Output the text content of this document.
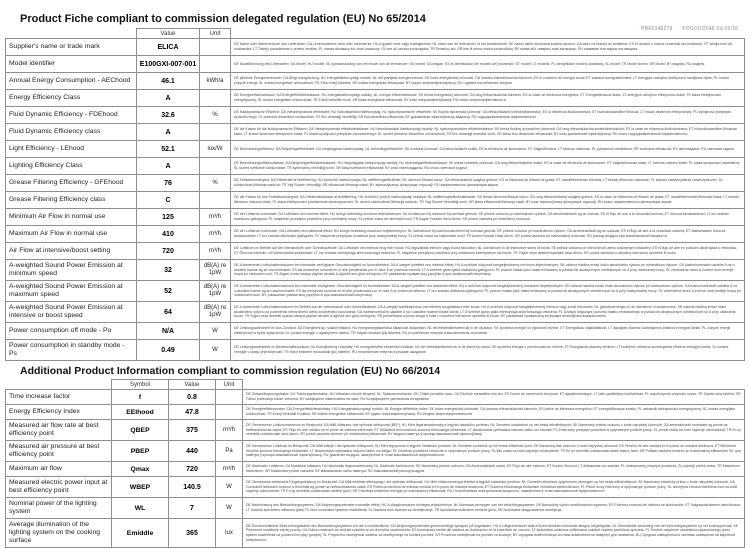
PRF0146279 FOG0102648 Ed 05/18
Product Fiche compliant to commission delegated regulation (EU) No 65/2014
	Value	Unit	
Supplier's name or trade mark	ELICA		DE Name oder Warenzeichen des Lieferanten; DA Leverandørens navn eller varemærke; HU a gyártó neve vagy márkajelzése; NL naam van de leverancier of het handelsmerk; SK názov alebo obchodná značka výrobcu; GA ainm nó branda an tsoláthraí; ES el nombre o marca comercial del proveedor; ET tarnija nimi või kaubamärk; LT Tiekėjo pavadinimas ir prekės ženklas; PL nazwa dostawcy lub znak towarowy; SL ime ali oznaka proizvajalca; TR Tedarikçi adı; SR ime ili robna marka proizvođača; BY назва або таварны знак вытворцы; RU название или марка поставщика
Model identifier	E100GXI-007-001		DE Modellkennung des Lieferanten; DA Model; HU modell; NL typeaanduiding van het model van de leverancier; SK model; GA leagan; ES el identificador del modelo del proveedor; ET mudel; LT modelis; PL identyfikator modelu dostawcy; SL model; TR Model tanımı; SR Model; BY мадэль; RU модель
Annual Energy Consumption - AEChood	46.1	kWh/a	DE jährliche Energieverbrauch; DA Årligt energiforbrug; HU energiahatékonysági mutató; NL het jaarlijkse energieverbruik; SK index energetickej účinnosti; GA innéacs éifeachtúlachta fuinnimh; ES el consumo de energía anual; ET aastane energiatarbimine; LT energijos vartojimo efektyvumo santykinis dydis; PL roczne zużycie energii; SL indeks energetske učinkovitosti; TR Yıllık enerji tüketimi; SR indeks energetske efikasnosti; BY індэкс энергаэфектыўнасці; RU годовое потребление энергии
Energy Efficiency Class	A		DE Energieeffizienzklasse; DA Energieffektivitetsklasse; HU energiahatékonysági osztály; NL energie-efficiëntieklasse; SK trieda energetickej účinnosti; GA rang éifeachtúlachta fuinnimh; ES la clase de eficiencia energética; ET Energiatõhususe klass; LT energijos vartojimo efektyvumo klasė; PL klasa efektywności energetycznej; SL razred energetske učinkovitosti; TR Enerji verimlilik sınıfı; SR klasa energetske efikasnosti; BY клас энергаэфектыўнасці; RU класс энергоэффективности
Fluid Dynamic Efficiency - FDEhood	32.6	%	DE fluiddynamische Effizienz; DA Væskedynamisk effektivitet; HU hidrodinamikai hatékonyság; NL hydrodynamische efficiëntie; SK fluidná dynamická účinnosť; GA éifeachtúlacht shreabhdhinimiciúil; ES la eficiencia fluidodinámica; ET hüdrodünaamiline tõhusus; LT srauto dinaminis efektyvumas; PL wydajność przepływu dynamicznego; SL pretočna dinamična učinkovitost; TR Sıvı dinamiği verimliliği; SR fluo-dinamička efikasnost; BY дынамічная эфектыўнасць вадкасці; RU гидродинамическая эффективность
Fluid Dynamic Efficiency class	A		DE die Klasse für die fluiddynamische Effizienz; DA Væskedynamisk effektivitetsklasse; HU hidrodinamikai hatékonysági osztály; NL hydrodynamische efficiëntieklasse; SK trieda fluidnej dynamickej účinnosti; GA rang éifeachtúlachta sreabhdhinimiciúla; ES la clase de eficiencia fluidodinámica; ET hüdrodünaamilise tõhususe klass; LT srauto dinaminio efektyvumo klasė; PL klasa wydajności przepływu dynamicznego; SL razred pretočne dinamične učinkovitosti; TR Sıvı dinamiği verimlilik sınıfı; SR klasa fluo-dinamičke efikasnosti; BY клас дынамічнай эфектыўнасці; RU класс гидродинамической эффективности
Light Efficiency - LEhood	52.1	lux/W	DE Beleuchtungseffizienz; DA Belysningseffektivitet; HU megvilágítási hatékonyság; NL verlichtingsefficiëntie; SK svetelná účinnosť; GA éifeachtúlacht solais; ES la eficiencia de iluminación; ET Valgustõhusus; LT šviesos našumas; PL sprawność oświetlenia; SR svetlosna efikasnost; BY светлаадача; RU световая отдача
Lighting Efficiency Class	A		DE Beleuchtungseffizienzklasse; DA Belysningseffektivitetsklasse; HU megvilágítási hatékonysági osztály; NL verlichtingsefficiëntieklasse; SK trieda svetelnej účinnosti; GA rang éifeachtúlachta solais; ES la clase de eficiencia de iluminación; ET Valgustõhususe klass; LT šviesos našumo klasė; PL klasa sprawności oświetlenia; SL razred svetlobne učinkovitosti; TR Aydınlatma Verimliliği sınıfı; SR klasa svetlosne efikasnosti; BY клас святлоаддачы; RU класс световой отдачи
Grease Filtering Efficiency - GFEhood	76	%	DE Fettabscheidegrad; DA Effektivitet af fedtfiltrering; HU zsírszűrő hatékonysága; NL vetfilteringsefficiëntie; SK účinnosť filtrácie tukov; GA éifeachtúlacht scagtha gréisce; ES la eficiencia de filtrado de grasa; ET rasvafiltreerimise tõhusus; LT riebalų filtravimo našumas; PL stopień zatrzymywania zanieczyszczeń; SL učinkovitost filtriranja maščob; TR Yağ Süzme Verimliliği; SR efikasnost filtriranja masti; BY эфектыўнасць фільтрацыі тлушчаў; RU эффективность фильтрации жиров
Grease Filtering Efficiency class	C		DE die Klasse für den Fettabscheidegrad; DA Effektivitetsklasse af fedtfiltrering; HU zsírszűrő (szűrő) hatékonysági osztálya; NL vetfilteringsefficiëntieklasse; SK trieda účinnosti filtrácie tukov; GA rang éifeachtúlachta scagtha gréisce; ES la clase de eficiencia de filtrado de grasa; ET rasvafiltreerimise tõhususe klass; LT riebalų filtravimo našumo klasė; PL klasa efektywności pochłaniania zanieczyszczeń; SL razred učinkovitosti filtriranja maščob; TR Yağ Süzme Verimliliği sınıfı; SR klasa efikasnosti filtriranja masti; BY клас эфектыўнасці фільтрацыі тлушчаў; RU класс эффективности фильтрации жиров
Minimum Air Flow in normal use	125	m³/h	DE der Luftstrom minimaler; DA Luftstrøm ved minimal effekt; HU levegő sebesség minimum teljesítményen; NL luchtstroom bij minimum bij normaal gebruik; SK prietok vzduchu pri minimálnom výkone; GA aershreabhadh ag an íosluas; ES el flujo de aire a la velocidad mínima; ET õhuvool tavakasutusel; LT oro srautas mažiausiu galingumu; PL natężenie przepływu powietrza przy minimalnej mocy; SL pretok zraka na minimalni moči; TR Asgari Hızdaki Hava Akımı; SR protok vazduha pri minimalnoj moćnosti
Maximum Air Flow in normal use	410	m³/h	DE der Luftstrom maximaler; DA Luftstrøm ved maksimal effekt; HU levegő sebesség maximum teljesítményen; NL luchtstroom bij maximumsnelheid bij normaal gebruik; SK prietok vzduchu pri maximálnom výkone; GA aershreabhadh ag an uasluas; ES el flujo de aire a la velocidad máxima; ET Maksimaalne õhuvool tavakasutusel; LT oro srautas didžiausiu galingumu; PL natężenie przepływu powietrza przy maksymalnej mocy; SL pretok zraka na maksimalni moči; TR Azami Hızdaki Hava Akımı; SR protok vazduha pri maksimalnoj moćnosti; RU расход воздуха при максимальной мощности
Air Flow at intensive/boost setting	720	m³/h	DE Luftstrom im Betrieb auf der Intensivstufe oder Schnellaufstufe; DA Luftstrøm ved intensiv brug eller boost; HU légszállítás intenzív vagy boost fokozaton; NL luchtstroom in de intensieve stand of boost; SK prietok vzduchu pri intenzívnom alebo zosilnenom nastavení; ES el flujo de aire en posición ultrarrápida o reforzada; ET Õhuvool intensiiv- või võimendatud seadistusel; LT oro srautas intensyviąja arba forsuotąja veiksena; PL natężenie przepływu powietrza przy ustawieniu intensywnym lub boost; TR Yoğun veya destekli ayardaki hava akımı; SR protok vazduha u uslovima intenzivne upotrebe ili boost
A-weighted Sound Power Emission at minimum speed	32	dB(A) re 1pW	DE A-bewerteten Luftschallemissionen bei minimaler verfügbarer Geschwindigkeit im Normalbetrieb; DA A-vægtet lydeffekt ved minimal effekt; HU A szűrővel súlyozott hangteljesítmény minimum teljesítményen; SK vážená hladina emisií hluku akustického výkonu pri minimálnom výkone; GA fuaimchumhacht ualaithe A na n-astuithe fuaime ag an íoschumhacht; ES las emisiones sonoras en el aire ponderadas por el valor A en potencia mínima; LT A svertinė garso galia mažiausiu galingumu; PL poziom hałasu jako hałas emitowany w postaci fal akustycznych odniesionych do A przy minimalnej mocy; SL vrednotena raven A zvočne moči emisije hrupa pri minimalni moči; TR Asgari hızda havaya yayılan akustik A-ağırlıklı ses gücü emisyonu; BY узважаная гукавая моц узроўню A пры мінімальнай магутнасці
A-weighted Sound Power Emission at maximum speed	52	dB(A) re 1pW	DE A-bewerteten Luftschallemissionen bei maximaler verfügbarer Geschwindigkeit im Normalbetrieb; DA A-vægtet lydeffekt ved maksimal effekt; HU A szűrővel súlyozott hangteljesítmény maximum teljesítményen; SK vážená hladina emisií hluku akustického výkonu pri maximálnom výkone; GA fuaimchumhacht ualaithe A na n-astuithe fuaime ag an uaschumhacht; ES las emisiones sonoras en el aire ponderadas por el valor A en potencia máxima; LT oro srautas didžiausiu galingumu; PL poziom hałasu jako hałas emitowany w postaci fal akustycznych odniesionych do A przy maksymalnej mocy; SL vrednotena raven A zvočne moči emisije hrupa pri maksimalni moči; BY узважаная гукавая моц узроўню A пры максімальнай магутнасці
A-weighted Sound Power Emission at intensive or boost speed	64	dB(A) re 1pW	DE A-bewerteten Luftschallemissionen im Betrieb auf der Intensivstufe oder Schnellaufstufe; DA A-vægtet lydeffektniveau ved intensiv brugstilstand eller boost; HU A szűrővel súlyozott hangteljesítmény intenzív vagy boost fokozaton; NL geluidsvermogen in de intensieve of boostmodus; SK vážená hladina emisií hluku akustického výkonu za podmienok intenzívneho alebo zosilneného používania; GA fuaimchumhacht ualaithe A na n-astuithe fuaime kinase korral; LT A svertinė garso galia intensyviąja arba forsuotąja veiksena; PL Dźwięki dotyczące poziomu hałasu emitowanego w postaci fal akustycznych odniesionych do A przy ustawieniu boost; TR Yoğun veya destekli ayarda havaya yayılan akustik A-ağırlıklı ses gücü emisyonu; SR ponderisana zvučna snaga A buke u uslovima intenzivne upotrebe ili boost; BY узважаная гукавая моц ва ўмовах інтэнсіўнага выкарыстання
Power consumption off mode - Po	N/A	W	DE Leistungsaufnahme im Aus-Zustand; DA Energiforbrug i slukket tilstand; HU energiamegtakarítása kikapcsolt állapotban; NL het elektriciteitsverbruik in de uit-stand; SK spotreba energie vo vypnutom režime; ET Energiakulu väljalülitatuna; LT išjungties būsena suvartojamos elektros energijos kiekis; PL zużycie energii elektrycznej w trybie wyłączenia; SL poraba energije v ugasnjenem načinu; TR Kapalı moddaki güç tüketimi; RU потребление энергии в выключенном состоянии
Power consumption in standby mode - Ps	0.49	W	DE Leistungsaufnahme im Bereitschaftszustand; DA Energiforbrug i standby; HU energiafelvétel készenléti módban; NL het elektriciteitsverbruik in de stand-by-stand; SK spotreba energie v pohotovostnom režime; ET Energiakulu standby-režiimis; LT budėjimo veiksena suvartojamos elektros energijos kiekis; SL poraba energije v stanju pripravljenosti; TR Hazır bekleme modundaki güç tüketimi; RU потребление энергии в режиме ожидания
Additional Product Information compliant to commission regulation (EU) No 66/2014
	Symbol	Value	Unit	
Time increase factor	f	0.8		DE Zeitverlängerungsfaktor; DA Tidsforøgelsesfaktor; HU időtartam-növelő tényező; NL Tijdstoenamefactor; SK Činiteľ prírastku času; GA Fachtóir méadaithe san am; ES Factor de incremento temporal; ET ajapikendustegur; LT laiko padidėjimo koeficientas; PL współczynnik przyrostu czasu; TR Zaman artış faktörü; SR Faktor povećanja tokom vremena; BY каэфіцыент павелічэння па часе; RU Коэффициент увеличения по времени
Energy Efficiency Index	EEIhood	47.8		DE Energieeffizienzindex; DA Energieffektivitetsindeks; HU Energiahatékonysági mutató; NL Energie-efficiëntie-index; SK Index energetickej účinnosti; GA Innéacs éifeachtúlachta fuinnimh; ES Índice de eficiencia energética; ET energiatõhususe indeks; PL wskaźnik efektywności energetycznej; SL Indeks energijske učinkovitosti; TR Enerji Verimlilik Endeksi; SR indeks energetske efikasnosti; BY індэкс энергаэфектыўнасці; RU Индекс энергоэффективности
Measured air flow rate at best efficiency point	QBEP	375	m³/h	DE Gemessener Luftvolumenstrom im Bestpunkt; DA Målt luftstrøm i det optimale driftspunkt (BEP); HU Mért légáramsebesség a legjobb hatásfokú pontban; NL Gemeten luchtdebiet op het beste-efficiëntiepunt; SK Nameraný prietok vzduchu v bode najvyššej účinnosti; GA aersreabhadh tomhaiste ag pointe na héifeachtúlachta uasta; ES Flujo de aire medido en el punto de máxima eficiencia; ET Mõõdetud õhuvooluhulk suurima tõhususega töötamisel; LT išmatuotasis optimalaus našumo taško oro srautas; PL Zmierzony przepływ powietrza w optymalnym punkcie pracy; SL pretok zraka na točki največje učinkovitosti; TR En iyi verimlilik noktasındaki hava akımı; SR protok vazduha izmeren pri maksimalnoj efikasnosti; BY выдача паветра ў кропцы максімальнай эфектыўнасці
Measured air pressure at best efficiency point	PBEP	440	Pa	DE Gemessener Luftdruck im Bestpunkt; DA Målt lufttryk i det optimale driftspunkt; HU Mért légnyomás a legjobb hatásfokú pontban; NL Gemeten luchtdruk op het beste-efficiëntie-punt; SK Nameraný tlak vzduchu v bode najvyššej účinnosti; ES Presión de aire medida en el punto de máxima eficiencia; ET Mõõdetud õhurõhk suurima tõhususega töötamisel; LT išmatuotasis optimalaus našumo taško oro slėgis; PL Ciśnienie powietrza mierzone w optymalnym punkcie pracy; SL tlak zraka na točki največje učinkovitosti; TR En iyi verimlilik noktasındaki statik basınç farkı; SR Pritisak vazduha izmeren pri maksimalnoj efikasnosti; BY ціск паветра ў кропцы максімальнай эфектыўнасці; RU Давление воздуха, замеренное в точке максимальной эффективности
Maximum air flow	Qmax	720	m³/h	DE Maximaler Luftstrom; DA Maksimal luftstrøm; HU Maximális légáramsebesség; NL Maximale luchtstroom; SK Maximálny prietok vzduchu; GA Aershreabhadh uasta; ES Flujo de aire máximo; ET Suurim õhuvool; LT didžiausias oro srautas; PL maksymalny przepływ powietrza; SL največji pretok zraka; TR Maksimum hava akımı; SR Maksimalni protok vazduha; BY максімальны паток паветра; RU Максимальный расход воздуха
Measured electric power input at best efficiency point	WBEP	140.5	W	DE Gemessene elektrische Eingangsleistung im Bestpunkt; DA Målt elektrisk effektoptag i det optimale driftspunkt; HU Mért villamosenergia-felvétel a legjobb hatásfokú pontban; NL Gemeten elektrisch opgenomen vermogen op het beste-efficiëntiepunt; SK Nameraný elektrický príkon v bode najvyššej účinnosti; GA Cumhacht leictreach ionchuir a thomhais ag pointe na héifeachtúlachta uasta; ES Potencia eléctrica de entrada medida en el punto de máxima eficiencia; ET Suurima tõhususega töötamisel mõõdetud elektrivõimsus; PL Pobór mocy mierzony w optymalnym punkcie pracy; SL Izmerjena vhodna električna moč na točki največje učinkovitosti; TR En iyi verimlilik noktasındaki elektrik gücü; SR Potrošnja električne energije pri maksimalnoj efikasnosti; RU Потребляемая электрическая мощность, замеренная в точке максимальной эффективности
Nominal power of the lighting system	WL	7	W	DE Nennleistung des Beleuchtungssystems; DA Belysningssystemets nominelle effekt; HU A világítórendszer névleges teljesítménye; NL Nominaal vermogen van het verlichtingssysteem; SK Nominálny výkon osvetľovacieho systému; ES Potencia nominal del sistema de iluminación; ET Valgustussüsteemi nimivõimsus; LT Vardinė apšvietimo sistemos galia; PL Moc nominalna systemu oświetlenia; SL Nazivna moč sistema za osvetljevanje; TR Aydınlatma sisteminin nominal gücü; SR Nominalna snaga sistema osvetljenja
Average illumination of the lighting system on the cooking surface	Emiddle	365	lux	DE Durchschnittliche Beleuchtungsstärke des Beleuchtungssystems auf der Kochoberfläche; DA Belysningssystemets gennemsnitlige lysstyrke på kogefladen; HU A világítórendszer által a főzési felületen biztosított átlagos megvilágítás; NL Gemiddelde verlichting van het verlichtingssysteem op het kookoppervlak; SK Priemerné osvetlenie varnej plochy; GA Soilsiú meánach an chórais soilsithe ar an dromchla cócaireachta; ES Iluminancia media del sistema de iluminación en la superficie de cocción; LT Apšvietimo sistemos užtikrinama vidutinė viryklės paviršiaus apšvieta; PL Średnie natężenie oświetlenia zapewnianego przez system oświetlenia na powierzchni płyty grzejnej; SL Povprečna osvetljenost sistema za osvetljevanje na kuhalni površini; SR Prosečna osvetljenost na površini za kuvanje; BY сярэдняя асветленасць сістэмы асвятлення на паверхні для гатавання; RU Средняя освещённость системы освещения на варочной поверхности
